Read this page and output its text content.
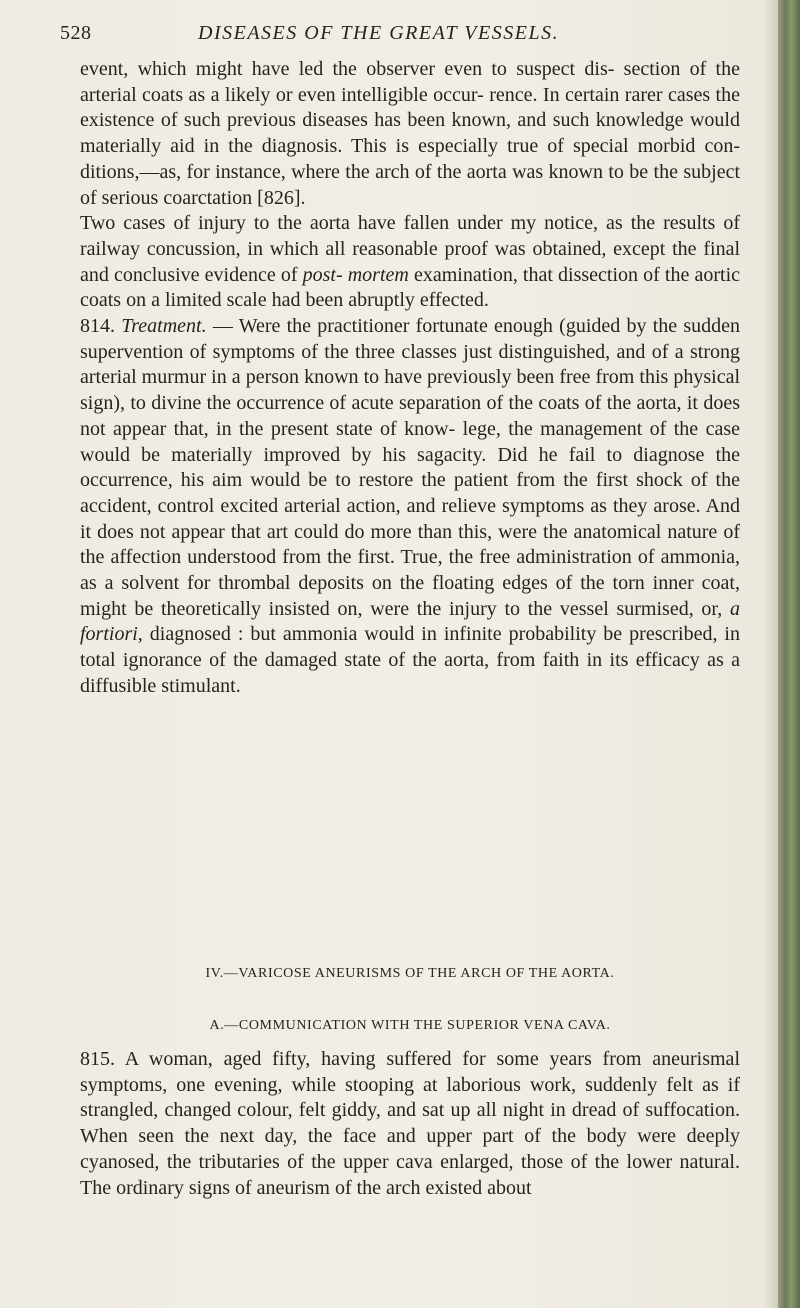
528	DISEASES OF THE GREAT VESSELS.

event, which might have led the observer even to suspect dis- section of the arterial coats as a likely or even intelligible occur- rence. In certain rarer cases the existence of such previous diseases has been known, and such knowledge would materially aid in the diagnosis. This is especially true of special morbid con- ditions,—as, for instance, where the arch of the aorta was known to be the subject of serious coarctation [826].

Two cases of injury to the aorta have fallen under my notice, as the results of railway concussion, in which all reasonable proof was obtained, except the final and conclusive evidence of post- mortem examination, that dissection of the aortic coats on a limited scale had been abruptly effected.

814. Treatment. — Were the practitioner fortunate enough (guided by the sudden supervention of symptoms of the three classes just distinguished, and of a strong arterial murmur in a person known to have previously been free from this physical sign), to divine the occurrence of acute separation of the coats of the aorta, it does not appear that, in the present state of know- lege, the management of the case would be materially improved by his sagacity. Did he fail to diagnose the occurrence, his aim would be to restore the patient from the first shock of the accident, control excited arterial action, and relieve symptoms as they arose. And it does not appear that art could do more than this, were the anatomical nature of the affection understood from the first. True, the free administration of ammonia, as a solvent for thrombal deposits on the floating edges of the torn inner coat, might be theoretically insisted on, were the injury to the vessel surmised, or, a fortiori, diagnosed : but ammonia would in infinite probability be prescribed, in total ignorance of the damaged state of the aorta, from faith in its efficacy as a diffusible stimulant.

IV.—VARICOSE ANEURISMS OF THE ARCH OF THE AORTA.
A.—COMMUNICATION WITH THE SUPERIOR VENA CAVA.

815. A woman, aged fifty, having suffered for some years from aneurismal symptoms, one evening, while stooping at laborious work, suddenly felt as if strangled, changed colour, felt giddy, and sat up all night in dread of suffocation. When seen the next day, the face and upper part of the body were deeply cyanosed, the tributaries of the upper cava enlarged, those of the lower natural. The ordinary signs of aneurism of the arch existed about
